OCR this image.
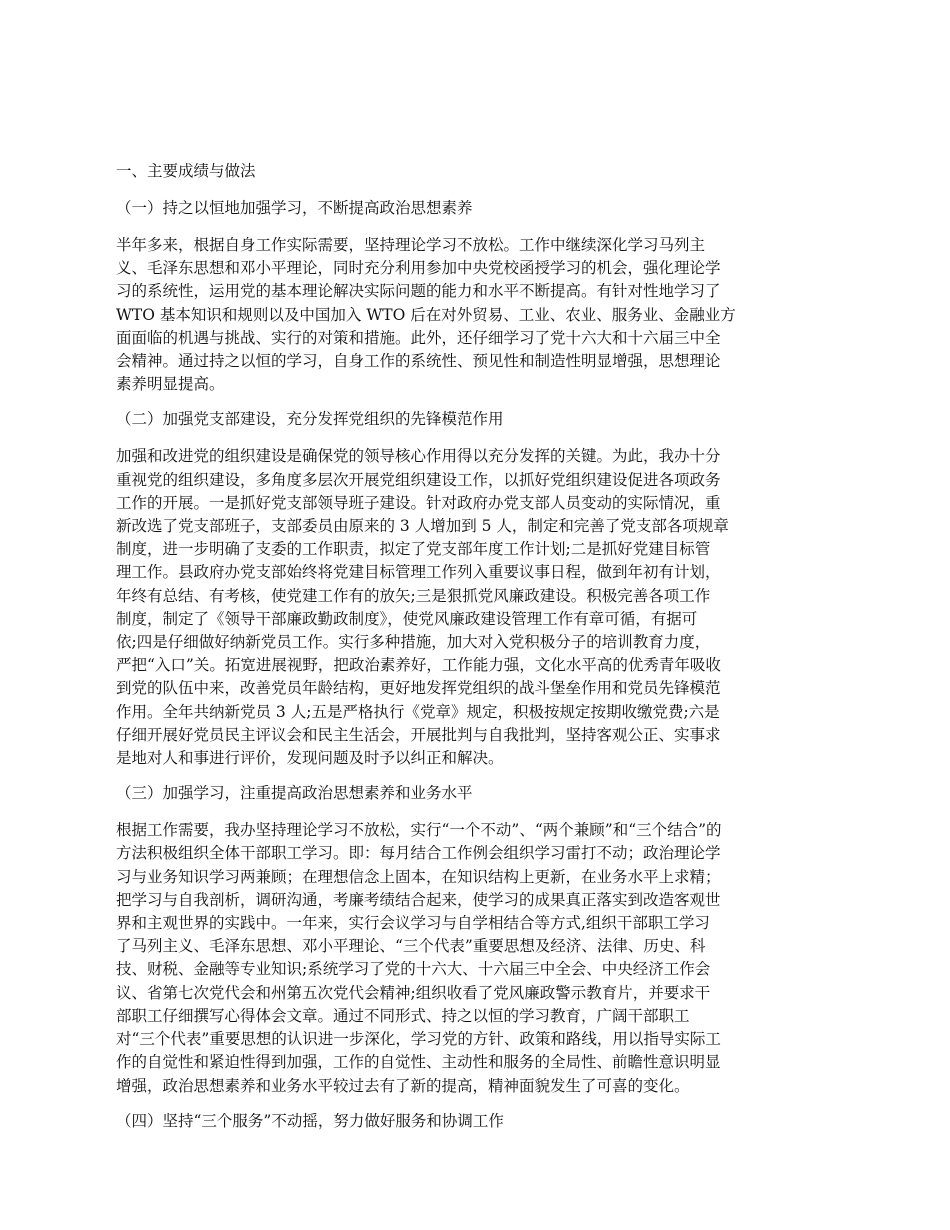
一、主要成绩与做法
（一）持之以恒地加强学习，不断提高政治思想素养
半年多来，根据自身工作实际需要，坚持理论学习不放松。工作中继续深化学习马列主
义、毛泽东思想和邓小平理论，同时充分利用参加中央党校函授学习的机会，强化理论学
习的系统性，运用党的基本理论解决实际问题的能力和水平不断提高。有针对性地学习了
WTO 基本知识和规则以及中国加入 WTO 后在对外贸易、工业、农业、服务业、金融业方
面面临的机遇与挑战、实行的对策和措施。此外，还仔细学习了党十六大和十六届三中全
会精神。通过持之以恒的学习，自身工作的系统性、预见性和制造性明显增强，思想理论
素养明显提高。
（二）加强党支部建设，充分发挥党组织的先锋模范作用
加强和改进党的组织建设是确保党的领导核心作用得以充分发挥的关键。为此，我办十分
重视党的组织建设，多角度多层次开展党组织建设工作，以抓好党组织建设促进各项政务
工作的开展。一是抓好党支部领导班子建设。针对政府办党支部人员变动的实际情况，重
新改选了党支部班子，支部委员由原来的 3 人增加到 5 人，制定和完善了党支部各项规章
制度，进一步明确了支委的工作职责，拟定了党支部年度工作计划;二是抓好党建目标管
理工作。县政府办党支部始终将党建目标管理工作列入重要议事日程，做到年初有计划，
年终有总结、有考核，使党建工作有的放矢;三是狠抓党风廉政建设。积极完善各项工作
制度，制定了《领导干部廉政勤政制度》，使党风廉政建设管理工作有章可循，有据可
依;四是仔细做好纳新党员工作。实行多种措施，加大对入党积极分子的培训教育力度，
严把“入口”关。拓宽进展视野，把政治素养好，工作能力强，文化水平高的优秀青年吸收
到党的队伍中来，改善党员年龄结构，更好地发挥党组织的战斗堡垒作用和党员先锋模范
作用。全年共纳新党员 3 人;五是严格执行《党章》规定，积极按规定按期收缴党费;六是
仔细开展好党员民主评议会和民主生活会，开展批判与自我批判，坚持客观公正、实事求
是地对人和事进行评价，发现问题及时予以纠正和解决。
（三）加强学习，注重提高政治思想素养和业务水平
根据工作需要，我办坚持理论学习不放松，实行“一个不动”、“两个兼顾”和“三个结合”的
方法积极组织全体干部职工学习。即：每月结合工作例会组织学习雷打不动；政治理论学
习与业务知识学习两兼顾；在理想信念上固本，在知识结构上更新，在业务水平上求精；
把学习与自我剖析，调研沟通，考廉考绩结合起来，使学习的成果真正落实到改造客观世
界和主观世界的实践中。一年来，实行会议学习与自学相结合等方式,组织干部职工学习
了马列主义、毛泽东思想、邓小平理论、“三个代表”重要思想及经济、法律、历史、科
技、财税、金融等专业知识;系统学习了党的十六大、十六届三中全会、中央经济工作会
议、省第七次党代会和州第五次党代会精神;组织收看了党风廉政警示教育片，并要求干
部职工仔细撰写心得体会文章。通过不同形式、持之以恒的学习教育，广阔干部职工
对“三个代表”重要思想的认识进一步深化，学习党的方针、政策和路线，用以指导实际工
作的自觉性和紧迫性得到加强，工作的自觉性、主动性和服务的全局性、前瞻性意识明显
增强，政治思想素养和业务水平较过去有了新的提高，精神面貌发生了可喜的变化。
（四）坚持“三个服务”不动摇，努力做好服务和协调工作
